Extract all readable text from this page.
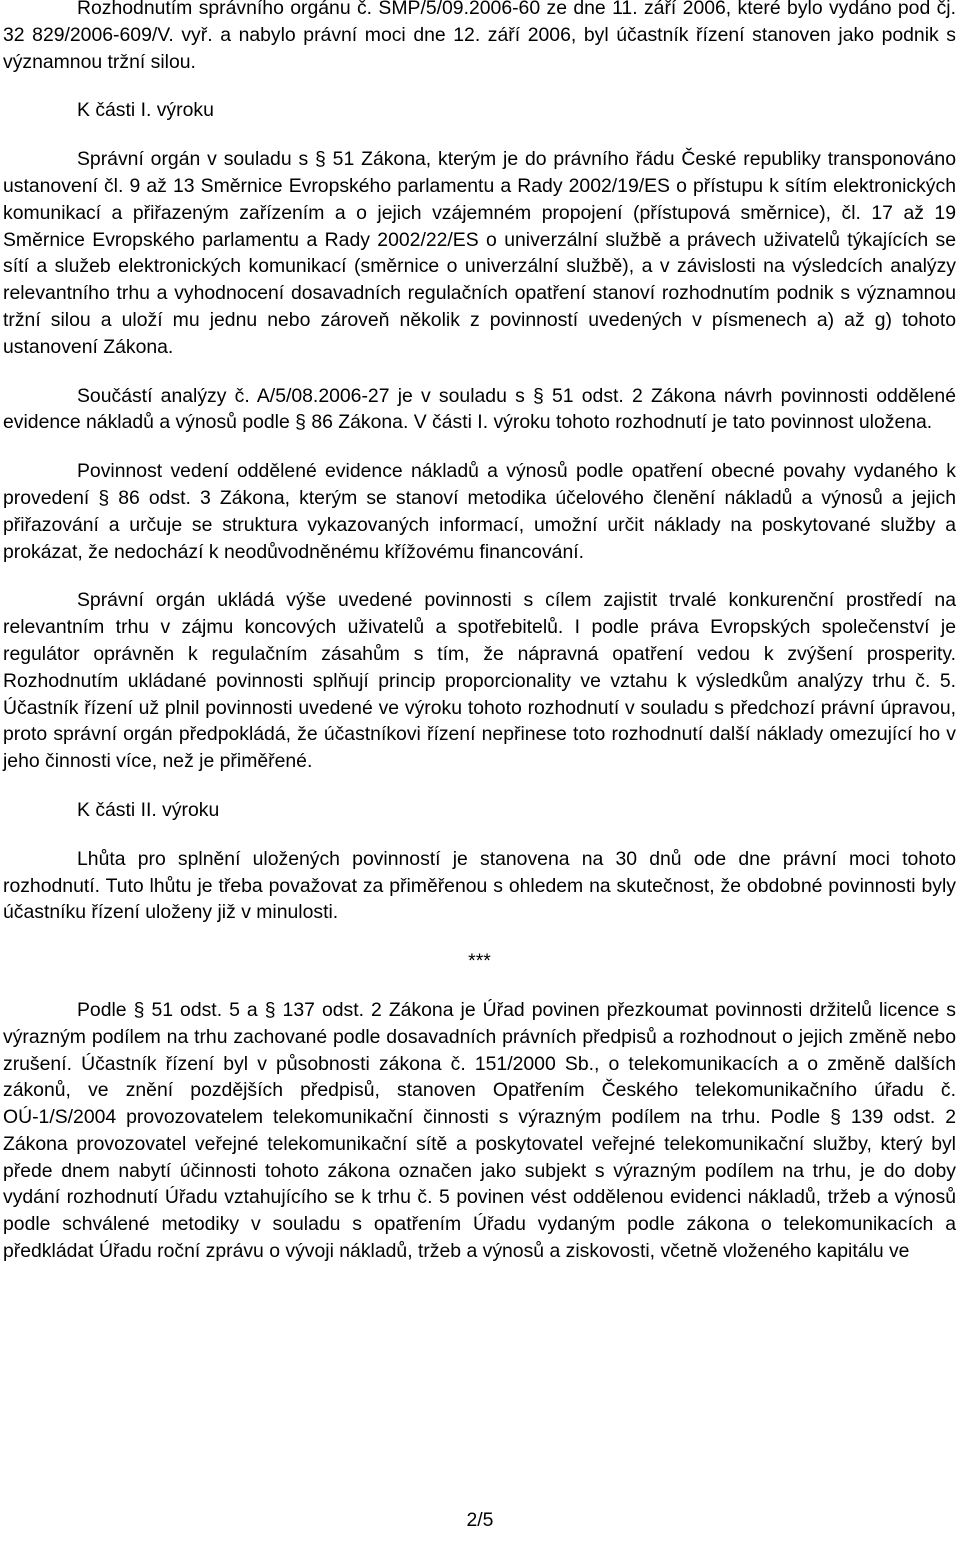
Rozhodnutím správního orgánu č. SMP/5/09.2006-60 ze dne 11. září 2006, které bylo vydáno pod čj. 32 829/2006-609/V. vyř. a nabylo právní moci dne 12. září 2006, byl účastník řízení stanoven jako podnik s významnou tržní silou.

K části I. výroku

Správní orgán v souladu s § 51 Zákona, kterým je do právního řádu České republiky transponováno ustanovení čl. 9 až 13 Směrnice Evropského parlamentu a Rady 2002/19/ES o přístupu k sítím elektronických komunikací a přiřazeným zařízením a o jejich vzájemném propojení (přístupová směrnice), čl. 17 až 19 Směrnice Evropského parlamentu a Rady 2002/22/ES o univerzální službě a právech uživatelů týkajících se sítí a služeb elektronických komunikací (směrnice o univerzální službě), a v závislosti na výsledcích analýzy relevantního trhu a vyhodnocení dosavadních regulačních opatření stanoví rozhodnutím podnik s významnou tržní silou a uloží mu jednu nebo zároveň několik z povinností uvedených v písmenech a) až g) tohoto ustanovení Zákona.

Součástí analýzy č. A/5/08.2006-27 je v souladu s § 51 odst. 2 Zákona návrh povinnosti oddělené evidence nákladů a výnosů podle § 86 Zákona. V části I. výroku tohoto rozhodnutí je tato povinnost uložena.

Povinnost vedení oddělené evidence nákladů a výnosů podle opatření obecné povahy vydaného k provedení § 86 odst. 3 Zákona, kterým se stanoví metodika účelového členění nákladů a výnosů a jejich přiřazování a určuje se struktura vykazovaných informací, umožní určit náklady na poskytované služby a prokázat, že nedochází k neodůvodněnému křížovému financování.

Správní orgán ukládá výše uvedené povinnosti s cílem zajistit trvalé konkurenční prostředí na relevantním trhu v zájmu koncových uživatelů a spotřebitelů. I podle práva Evropských společenství je regulátor oprávněn k regulačním zásahům s tím, že nápravná opatření vedou k zvýšení prosperity. Rozhodnutím ukládané povinnosti splňují princip proporcionality ve vztahu k výsledkům analýzy trhu č. 5. Účastník řízení už plnil povinnosti uvedené ve výroku tohoto rozhodnutí v souladu s předchozí právní úpravou, proto správní orgán předpokládá, že účastníkovi řízení nepřinese toto rozhodnutí další náklady omezující ho v jeho činnosti více, než je přiměřené.

K části II. výroku

Lhůta pro splnění uložených povinností je stanovena na 30 dnů ode dne právní moci tohoto rozhodnutí. Tuto lhůtu je třeba považovat za přiměřenou s ohledem na skutečnost, že obdobné povinnosti byly účastníku řízení uloženy již v minulosti.

***

Podle § 51 odst. 5 a § 137 odst. 2 Zákona je Úřad povinen přezkoumat povinnosti držitelů licence s výrazným podílem na trhu zachované podle dosavadních právních předpisů a rozhodnout o jejich změně nebo zrušení. Účastník řízení byl v působnosti zákona č. 151/2000 Sb., o telekomunikacích a o změně dalších zákonů, ve znění pozdějších předpisů, stanoven Opatřením Českého telekomunikačního úřadu č. OÚ-1/S/2004 provozovatelem telekomunikační činnosti s výrazným podílem na trhu. Podle § 139 odst. 2 Zákona provozovatel veřejné telekomunikační sítě a poskytovatel veřejné telekomunikační služby, který byl přede dnem nabytí účinnosti tohoto zákona označen jako subjekt s výrazným podílem na trhu, je do doby vydání rozhodnutí Úřadu vztahujícího se k trhu č. 5 povinen vést oddělenou evidenci nákladů, tržeb a výnosů podle schválené metodiky v souladu s opatřením Úřadu vydaným podle zákona o telekomunikacích a předkládat Úřadu roční zprávu o vývoji nákladů, tržeb a výnosů a ziskovosti, včetně vloženého kapitálu ve

2/5
